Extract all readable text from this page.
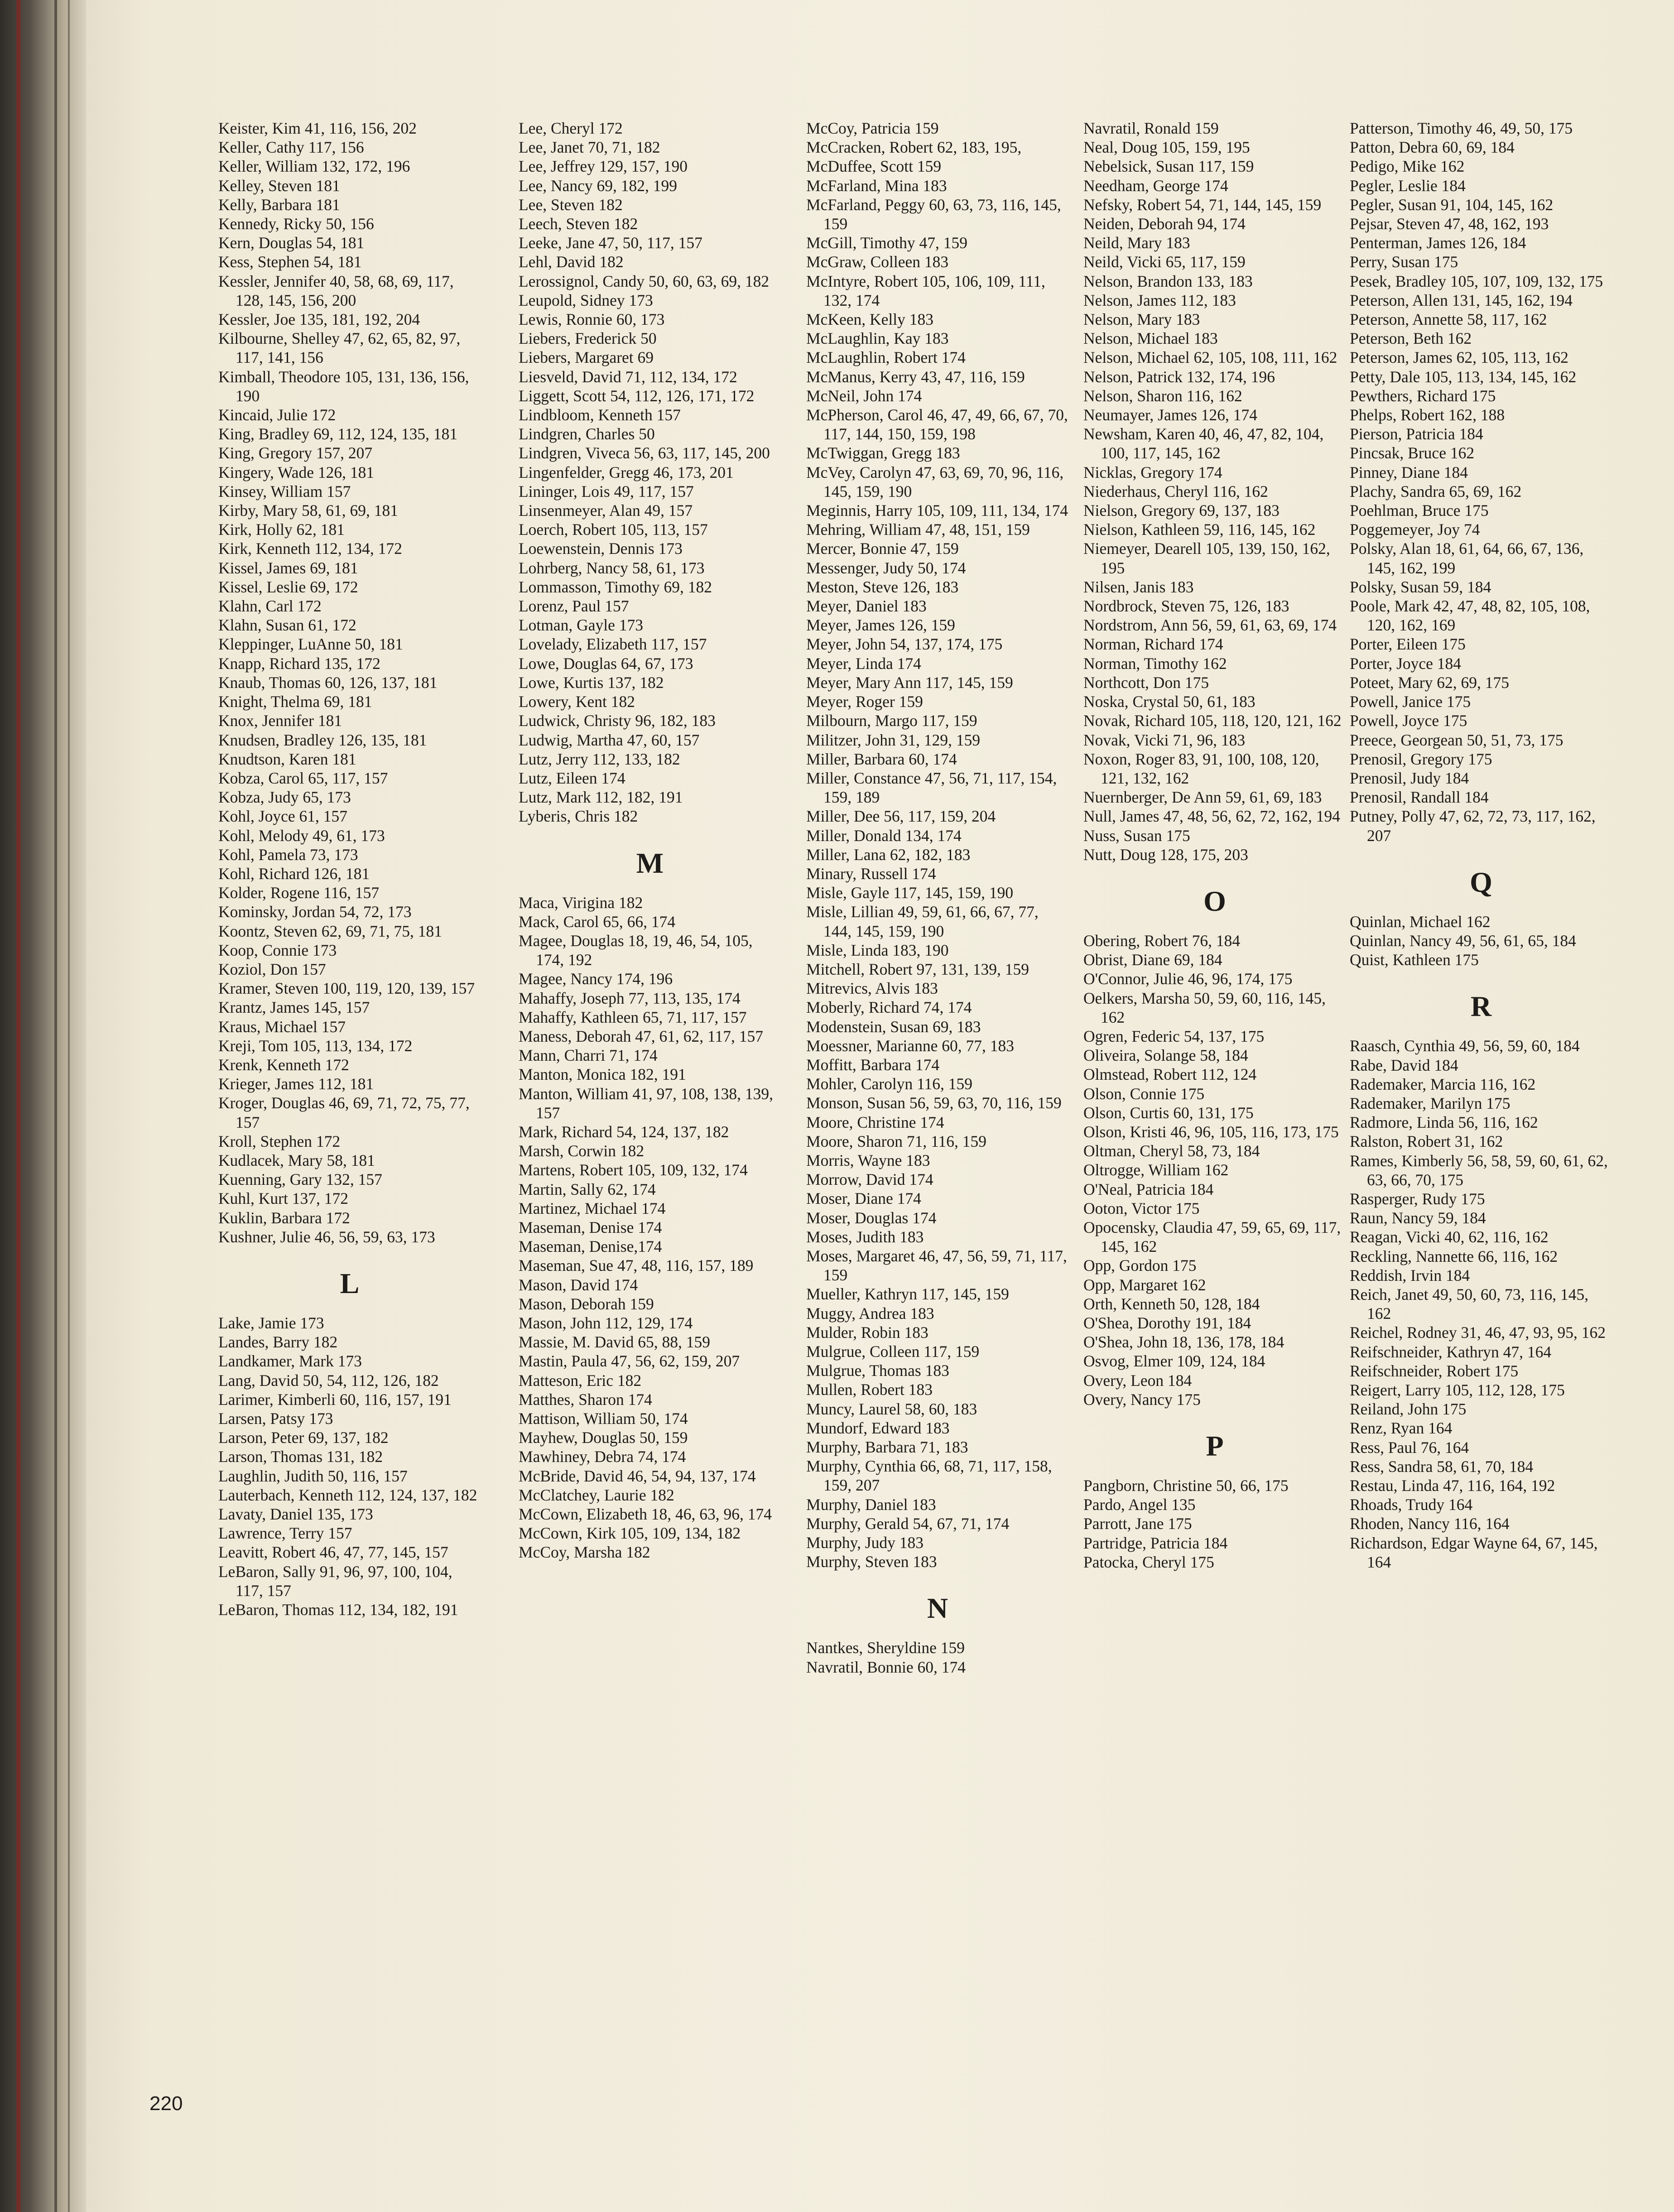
Keister, Kim 41, 116, 156, 202
Keller, Cathy 117, 156
Keller, William 132, 172, 196
Kelley, Steven 181
Kelly, Barbara 181
Kennedy, Ricky 50, 156
Kern, Douglas 54, 181
Kess, Stephen 54, 181
Kessler, Jennifer 40, 58, 68, 69, 117, 128, 145, 156, 200
Kessler, Joe 135, 181, 192, 204
Kilbourne, Shelley 47, 62, 65, 82, 97, 117, 141, 156
Kimball, Theodore 105, 131, 136, 156, 190
Kincaid, Julie 172
King, Bradley 69, 112, 124, 135, 181
King, Gregory 157, 207
Kingery, Wade 126, 181
Kinsey, William 157
Kirby, Mary 58, 61, 69, 181
Kirk, Holly 62, 181
Kirk, Kenneth 112, 134, 172
Kissel, James 69, 181
Kissel, Leslie 69, 172
Klahn, Carl 172
Klahn, Susan 61, 172
Kleppinger, LuAnne 50, 181
Knapp, Richard 135, 172
Knaub, Thomas 60, 126, 137, 181
Knight, Thelma 69, 181
Knox, Jennifer 181
Knudsen, Bradley 126, 135, 181
Knudtson, Karen 181
Kobza, Carol 65, 117, 157
Kobza, Judy 65, 173
Kohl, Joyce 61, 157
Kohl, Melody 49, 61, 173
Kohl, Pamela 73, 173
Kohl, Richard 126, 181
Kolder, Rogene 116, 157
Kominsky, Jordan 54, 72, 173
Koontz, Steven 62, 69, 71, 75, 181
Koop, Connie 173
Koziol, Don 157
Kramer, Steven 100, 119, 120, 139, 157
Krantz, James 145, 157
Kraus, Michael 157
Kreji, Tom 105, 113, 134, 172
Krenk, Kenneth 172
Krieger, James 112, 181
Kroger, Douglas 46, 69, 71, 72, 75, 77, 157
Kroll, Stephen 172
Kudlacek, Mary 58, 181
Kuenning, Gary 132, 157
Kuhl, Kurt 137, 172
Kuklin, Barbara 172
Kushner, Julie 46, 56, 59, 63, 173
L
Lake, Jamie 173
Landes, Barry 182
Landkamer, Mark 173
Lang, David 50, 54, 112, 126, 182
Larimer, Kimberli 60, 116, 157, 191
Larsen, Patsy 173
Larson, Peter 69, 137, 182
Larson, Thomas 131, 182
Laughlin, Judith 50, 116, 157
Lauterbach, Kenneth 112, 124, 137, 182
Lavaty, Daniel 135, 173
Lawrence, Terry 157
Leavitt, Robert 46, 47, 77, 145, 157
LeBaron, Sally 91, 96, 97, 100, 104, 117, 157
LeBaron, Thomas 112, 134, 182, 191
Lee, Cheryl 172
Lee, Janet 70, 71, 182
Lee, Jeffrey 129, 157, 190
Lee, Nancy 69, 182, 199
Lee, Steven 182
Leech, Steven 182
Leeke, Jane 47, 50, 117, 157
Lehl, David 182
Lerossignol, Candy 50, 60, 63, 69, 182
Leupold, Sidney 173
Lewis, Ronnie 60, 173
Liebers, Frederick 50
Liebers, Margaret 69
Liesveld, David 71, 112, 134, 172
Liggett, Scott 54, 112, 126, 171, 172
Lindbloom, Kenneth 157
Lindgren, Charles 50
Lindgren, Viveca 56, 63, 117, 145, 200
Lingenfelder, Gregg 46, 173, 201
Lininger, Lois 49, 117, 157
Linsenmeyer, Alan 49, 157
Loerch, Robert 105, 113, 157
Loewenstein, Dennis 173
Lohrberg, Nancy 58, 61, 173
Lommasson, Timothy 69, 182
Lorenz, Paul 157
Lotman, Gayle 173
Lovelady, Elizabeth 117, 157
Lowe, Douglas 64, 67, 173
Lowe, Kurtis 137, 182
Lowery, Kent 182
Ludwick, Christy 96, 182, 183
Ludwig, Martha 47, 60, 157
Lutz, Jerry 112, 133, 182
Lutz, Eileen 174
Lutz, Mark 112, 182, 191
Lyberis, Chris 182
M
Maca, Virigina 182
Mack, Carol 65, 66, 174
Magee, Douglas 18, 19, 46, 54, 105, 174, 192
Magee, Nancy 174, 196
Mahaffy, Joseph 77, 113, 135, 174
Mahaffy, Kathleen 65, 71, 117, 157
Maness, Deborah 47, 61, 62, 117, 157
Mann, Charri 71, 174
Manton, Monica 182, 191
Manton, William 41, 97, 108, 138, 139, 157
Mark, Richard 54, 124, 137, 182
Marsh, Corwin 182
Martens, Robert 105, 109, 132, 174
Martin, Sally 62, 174
Martinez, Michael 174
Maseman, Denise 174
Maseman, Denise,174
Maseman, Sue 47, 48, 116, 157, 189
Mason, David 174
Mason, Deborah 159
Mason, John 112, 129, 174
Massie, M. David 65, 88, 159
Mastin, Paula 47, 56, 62, 159, 207
Matteson, Eric 182
Matthes, Sharon 174
Mattison, William 50, 174
Mayhew, Douglas 50, 159
Mawhiney, Debra 74, 174
McBride, David 46, 54, 94, 137, 174
McClatchey, Laurie 182
McCown, Elizabeth 18, 46, 63, 96, 174
McCown, Kirk 105, 109, 134, 182
McCoy, Marsha 182
McCoy, Patricia 159
McCracken, Robert 62, 183, 195,
McDuffee, Scott 159
McFarland, Mina 183
McFarland, Peggy 60, 63, 73, 116, 145, 159
McGill, Timothy 47, 159
McGraw, Colleen 183
McIntyre, Robert 105, 106, 109, 111, 132, 174
McKeen, Kelly 183
McLaughlin, Kay 183
McLaughlin, Robert 174
McManus, Kerry 43, 47, 116, 159
McNeil, John 174
McPherson, Carol 46, 47, 49, 66, 67, 70, 117, 144, 150, 159, 198
McTwiggan, Gregg 183
McVey, Carolyn 47, 63, 69, 70, 96, 116, 145, 159, 190
Meginnis, Harry 105, 109, 111, 134, 174
Mehring, William 47, 48, 151, 159
Mercer, Bonnie 47, 159
Messenger, Judy 50, 174
Meston, Steve 126, 183
Meyer, Daniel 183
Meyer, James 126, 159
Meyer, John 54, 137, 174, 175
Meyer, Linda 174
Meyer, Mary Ann 117, 145, 159
Meyer, Roger 159
Milbourn, Margo 117, 159
Militzer, John 31, 129, 159
Miller, Barbara 60, 174
Miller, Constance 47, 56, 71, 117, 154, 159, 189
Miller, Dee 56, 117, 159, 204
Miller, Donald 134, 174
Miller, Lana 62, 182, 183
Minary, Russell 174
Misle, Gayle 117, 145, 159, 190
Misle, Lillian 49, 59, 61, 66, 67, 77, 144, 145, 159, 190
Misle, Linda 183, 190
Mitchell, Robert 97, 131, 139, 159
Mitrevics, Alvis 183
Moberly, Richard 74, 174
Modenstein, Susan 69, 183
Moessner, Marianne 60, 77, 183
Moffitt, Barbara 174
Mohler, Carolyn 116, 159
Monson, Susan 56, 59, 63, 70, 116, 159
Moore, Christine 174
Moore, Sharon 71, 116, 159
Morris, Wayne 183
Morrow, David 174
Moser, Diane 174
Moser, Douglas 174
Moses, Judith 183
Moses, Margaret 46, 47, 56, 59, 71, 117, 159
Mueller, Kathryn 117, 145, 159
Muggy, Andrea 183
Mulder, Robin 183
Mulgrue, Colleen 117, 159
Mulgrue, Thomas 183
Mullen, Robert 183
Muncy, Laurel 58, 60, 183
Mundorf, Edward 183
Murphy, Barbara 71, 183
Murphy, Cynthia 66, 68, 71, 117, 158, 159, 207
Murphy, Daniel 183
Murphy, Gerald 54, 67, 71, 174
Murphy, Judy 183
Murphy, Steven 183
N
Nantkes, Sheryldine 159
Navratil, Bonnie 60, 174
Navratil, Ronald 159
Neal, Doug 105, 159, 195
Nebelsick, Susan 117, 159
Needham, George 174
Nefsky, Robert 54, 71, 144, 145, 159
Neiden, Deborah 94, 174
Neild, Mary 183
Neild, Vicki 65, 117, 159
Nelson, Brandon 133, 183
Nelson, James 112, 183
Nelson, Mary 183
Nelson, Michael 183
Nelson, Michael 62, 105, 108, 111, 162
Nelson, Patrick 132, 174, 196
Nelson, Sharon 116, 162
Neumayer, James 126, 174
Newsham, Karen 40, 46, 47, 82, 104, 100, 117, 145, 162
Nicklas, Gregory 174
Niederhaus, Cheryl 116, 162
Nielson, Gregory 69, 137, 183
Nielson, Kathleen 59, 116, 145, 162
Niemeyer, Dearell 105, 139, 150, 162, 195
Nilsen, Janis 183
Nordbrock, Steven 75, 126, 183
Nordstrom, Ann 56, 59, 61, 63, 69, 174
Norman, Richard 174
Norman, Timothy 162
Northcott, Don 175
Noska, Crystal 50, 61, 183
Novak, Richard 105, 118, 120, 121, 162
Novak, Vicki 71, 96, 183
Noxon, Roger 83, 91, 100, 108, 120, 121, 132, 162
Nuernberger, De Ann 59, 61, 69, 183
Null, James 47, 48, 56, 62, 72, 162, 194
Nuss, Susan 175
Nutt, Doug 128, 175, 203
O
Obering, Robert 76, 184
Obrist, Diane 69, 184
O'Connor, Julie 46, 96, 174, 175
Oelkers, Marsha 50, 59, 60, 116, 145, 162
Ogren, Federic 54, 137, 175
Oliveira, Solange 58, 184
Olmstead, Robert 112, 124
Olson, Connie 175
Olson, Curtis 60, 131, 175
Olson, Kristi 46, 96, 105, 116, 173, 175
Oltman, Cheryl 58, 73, 184
Oltrogge, William 162
O'Neal, Patricia 184
Ooton, Victor 175
Opocensky, Claudia 47, 59, 65, 69, 117, 145, 162
Opp, Gordon 175
Opp, Margaret 162
Orth, Kenneth 50, 128, 184
O'Shea, Dorothy 191, 184
O'Shea, John 18, 136, 178, 184
Osvog, Elmer 109, 124, 184
Overy, Leon 184
Overy, Nancy 175
P
Pangborn, Christine 50, 66, 175
Pardo, Angel 135
Parrott, Jane 175
Partridge, Patricia 184
Patocka, Cheryl 175
Patterson, Timothy 46, 49, 50, 175
Patton, Debra 60, 69, 184
Pedigo, Mike 162
Pegler, Leslie 184
Pegler, Susan 91, 104, 145, 162
Pejsar, Steven 47, 48, 162, 193
Penterman, James 126, 184
Perry, Susan 175
Pesek, Bradley 105, 107, 109, 132, 175
Peterson, Allen 131, 145, 162, 194
Peterson, Annette 58, 117, 162
Peterson, Beth 162
Peterson, James 62, 105, 113, 162
Petty, Dale 105, 113, 134, 145, 162
Pewthers, Richard 175
Phelps, Robert 162, 188
Pierson, Patricia 184
Pincsak, Bruce 162
Pinney, Diane 184
Plachy, Sandra 65, 69, 162
Poehlman, Bruce 175
Poggemeyer, Joy 74
Polsky, Alan 18, 61, 64, 66, 67, 136, 145, 162, 199
Polsky, Susan 59, 184
Poole, Mark 42, 47, 48, 82, 105, 108, 120, 162, 169
Porter, Eileen 175
Porter, Joyce 184
Poteet, Mary 62, 69, 175
Powell, Janice 175
Powell, Joyce 175
Preece, Georgean 50, 51, 73, 175
Prenosil, Gregory 175
Prenosil, Judy 184
Prenosil, Randall 184
Putney, Polly 47, 62, 72, 73, 117, 162, 207
Q
Quinlan, Michael 162
Quinlan, Nancy 49, 56, 61, 65, 184
Quist, Kathleen 175
R
Raasch, Cynthia 49, 56, 59, 60, 184
Rabe, David 184
Rademaker, Marcia 116, 162
Rademaker, Marilyn 175
Radmore, Linda 56, 116, 162
Ralston, Robert 31, 162
Rames, Kimberly 56, 58, 59, 60, 61, 62, 63, 66, 70, 175
Rasperger, Rudy 175
Raun, Nancy 59, 184
Reagan, Vicki 40, 62, 116, 162
Reckling, Nannette 66, 116, 162
Reddish, Irvin 184
Reich, Janet 49, 50, 60, 73, 116, 145, 162
Reichel, Rodney 31, 46, 47, 93, 95, 162
Reifschneider, Kathryn 47, 164
Reifschneider, Robert 175
Reigert, Larry 105, 112, 128, 175
Reiland, John 175
Renz, Ryan 164
Ress, Paul 76, 164
Ress, Sandra 58, 61, 70, 184
Restau, Linda 47, 116, 164, 192
Rhoads, Trudy 164
Rhoden, Nancy 116, 164
Richardson, Edgar Wayne 64, 67, 145, 164
220
